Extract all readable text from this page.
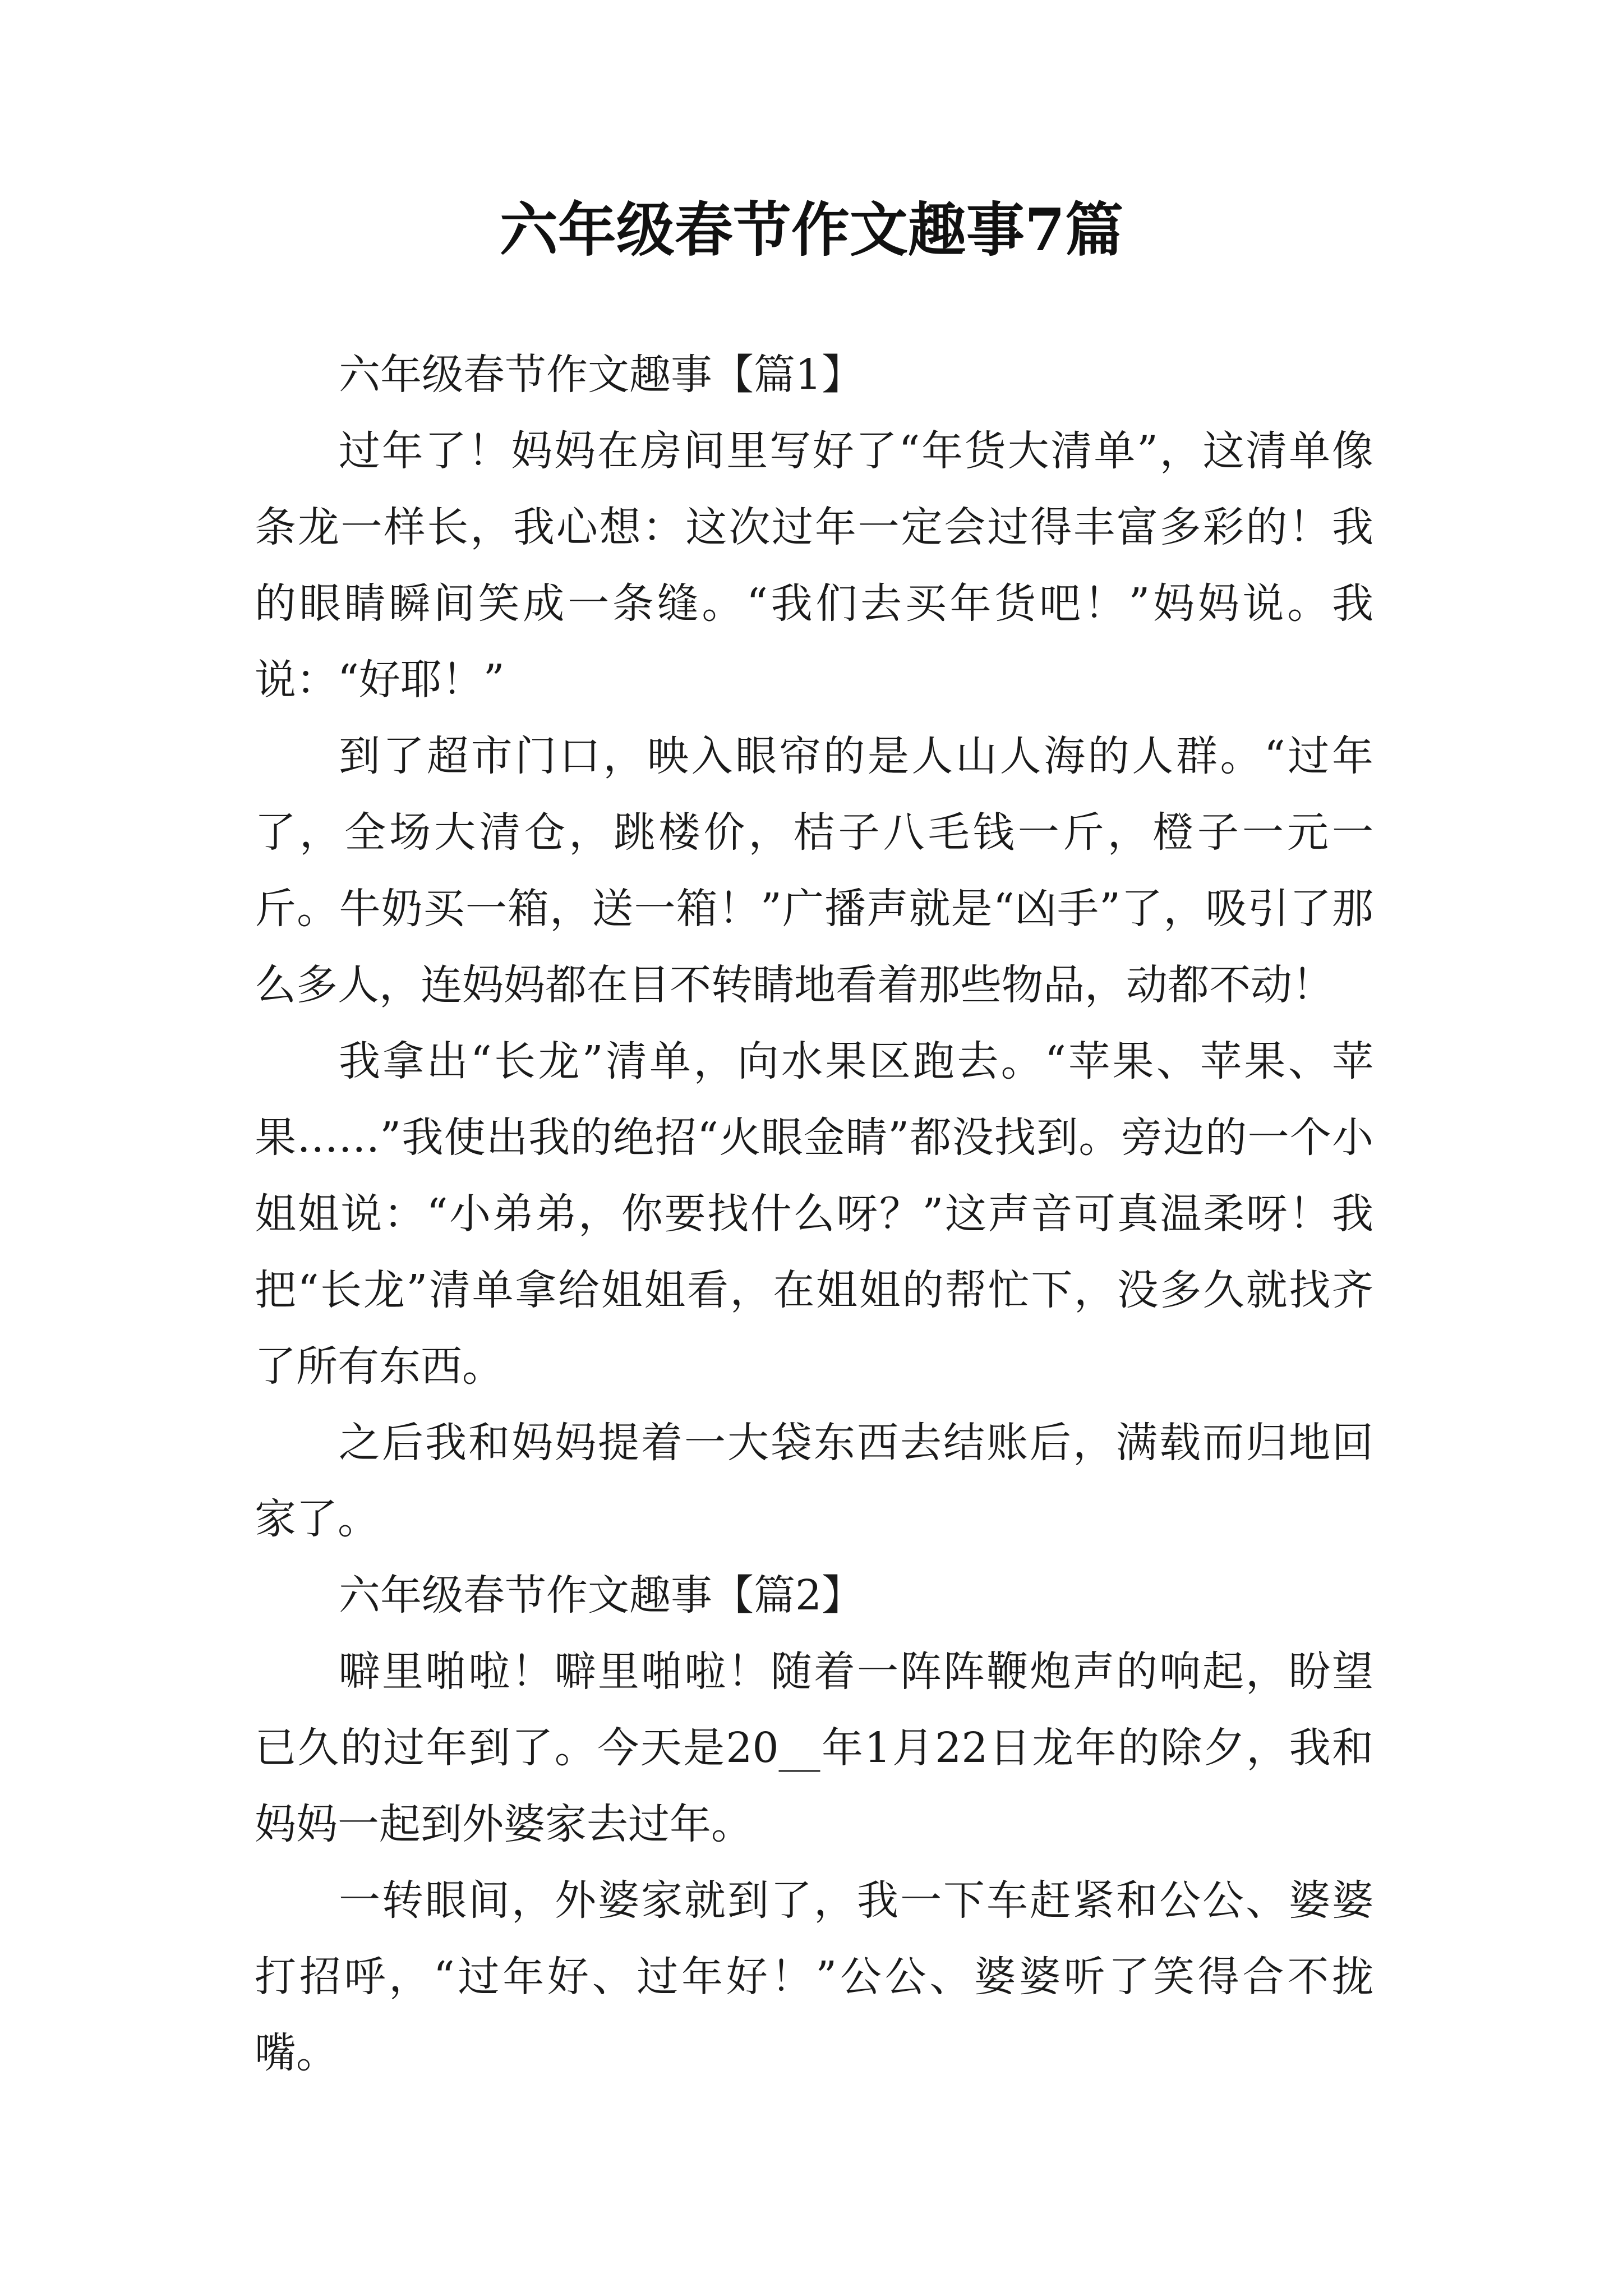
六年级春节作文趣事7篇

六年级春节作文趣事【篇1】

过年了！妈妈在房间里写好了“年货大清单”，这清单像条龙一样长，我心想：这次过年一定会过得丰富多彩的！我的眼睛瞬间笑成一条缝。“我们去买年货吧！”妈妈说。我说：“好耶！”

到了超市门口，映入眼帘的是人山人海的人群。“过年了，全场大清仓，跳楼价，桔子八毛钱一斤，橙子一元一斤。牛奶买一箱，送一箱！”广播声就是“凶手”了，吸引了那么多人，连妈妈都在目不转睛地看着那些物品，动都不动！

我拿出“长龙”清单，向水果区跑去。“苹果、苹果、苹果……”我使出我的绝招“火眼金睛”都没找到。旁边的一个小姐姐说：“小弟弟，你要找什么呀？”这声音可真温柔呀！我把“长龙”清单拿给姐姐看，在姐姐的帮忙下，没多久就找齐了所有东西。

之后我和妈妈提着一大袋东西去结账后，满载而归地回家了。

六年级春节作文趣事【篇2】

噼里啪啦！噼里啪啦！随着一阵阵鞭炮声的响起，盼望已久的过年到了。今天是20__年1月22日龙年的除夕，我和妈妈一起到外婆家去过年。

一转眼间，外婆家就到了，我一下车赶紧和公公、婆婆打招呼，“过年好、过年好！”公公、婆婆听了笑得合不拢嘴。
